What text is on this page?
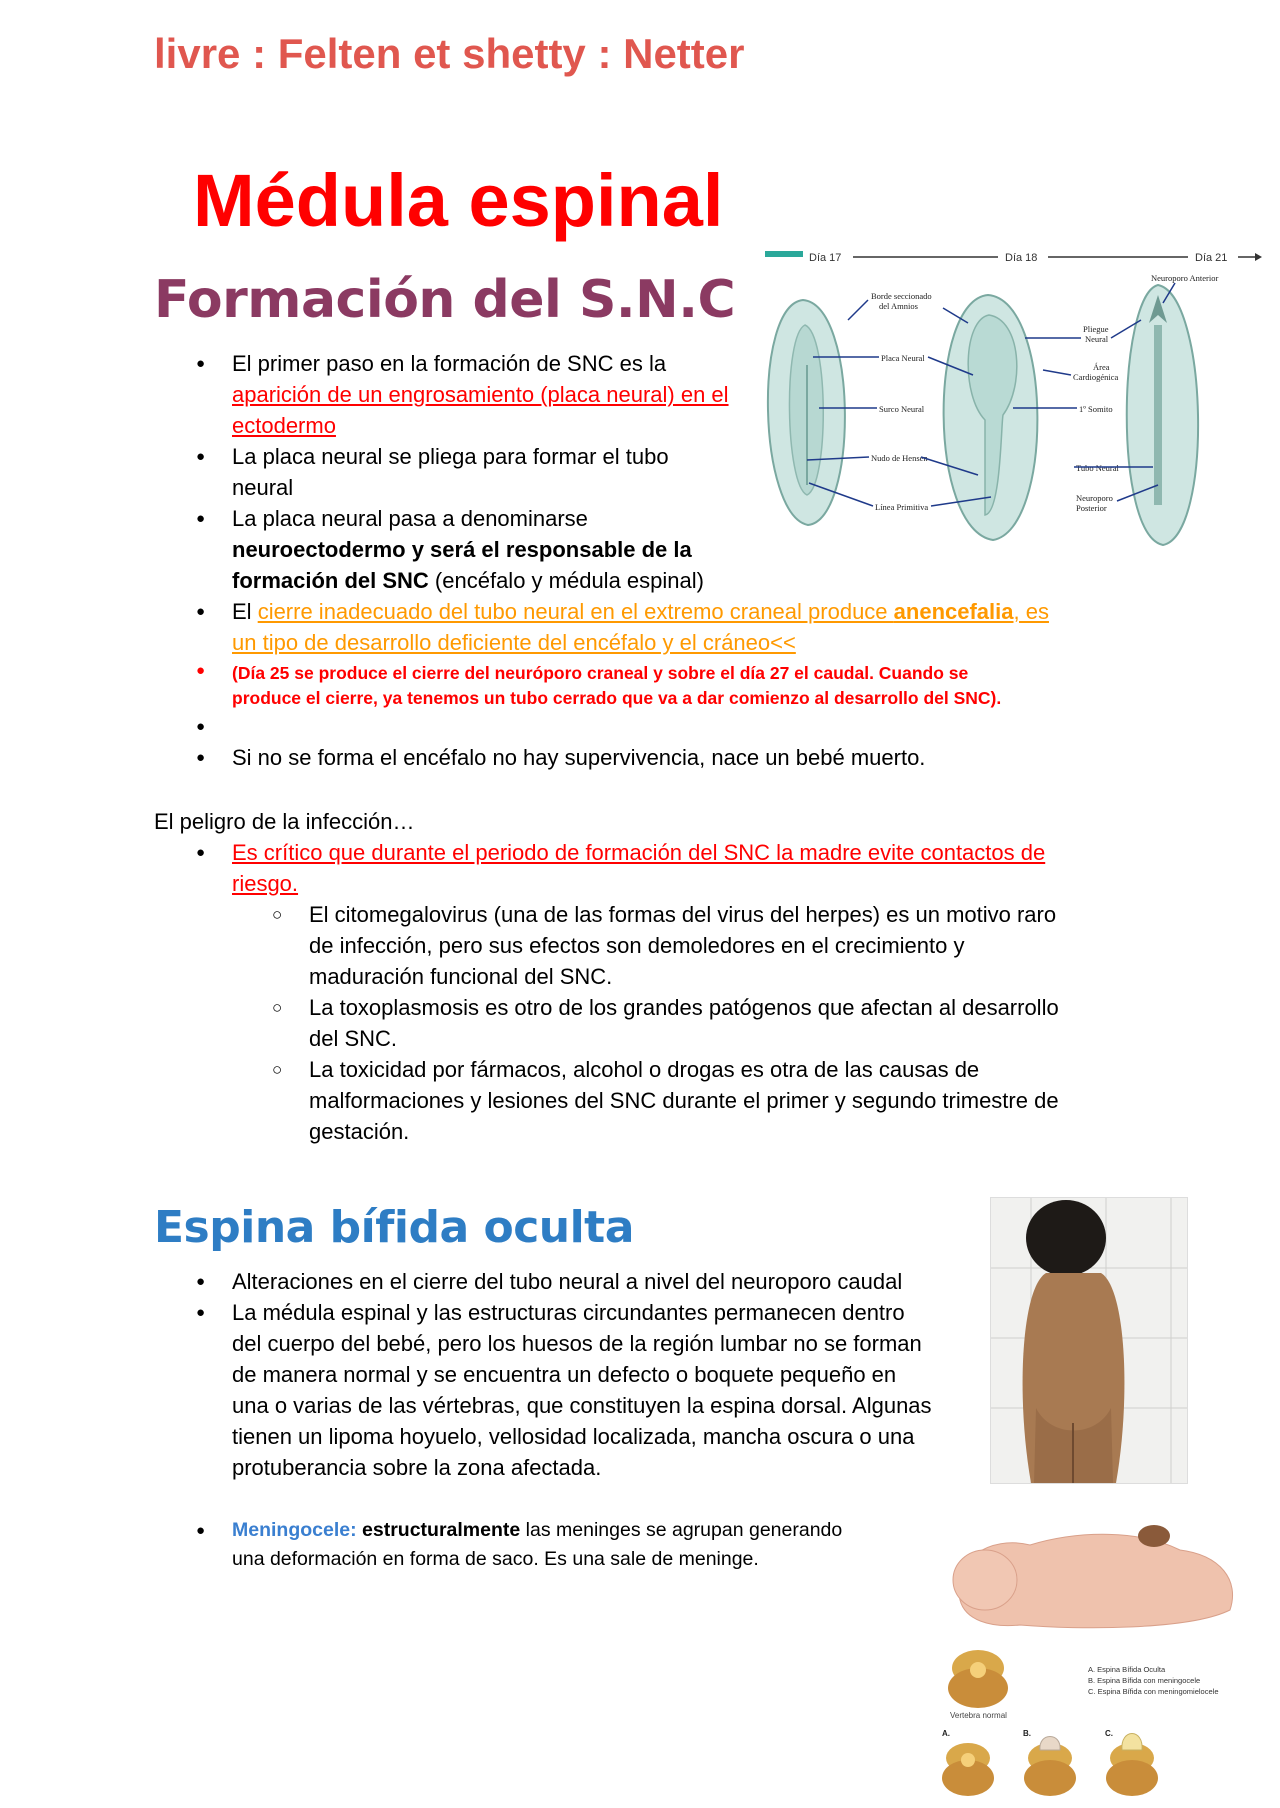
livre : Felten et shetty : Netter
Médula espinal
Formación del S.N.C
● El primer paso en la formación de SNC es la
aparición de un engrosamiento (placa neural) en el
ectodermo
● La placa neural se pliega para formar el tubo
neural
● La placa neural pasa a denominarse
neuroectodermo y será el responsable de la
formación del SNC (encéfalo y médula espinal)
● El cierre inadecuado del tubo neural en el extremo craneal produce anencefalia, es
un tipo de desarrollo deficiente del encéfalo y el cráneo<<
● (Día 25 se produce el cierre del neuróporo craneal y sobre el día 27 el caudal. Cuando se
produce el cierre, ya tenemos un tubo cerrado que va a dar comienzo al desarrollo del SNC).
●
● Si no se forma el encéfalo no hay supervivencia, nace un bebé muerto.
El peligro de la infección…
● Es crítico que durante el periodo de formación del SNC la madre evite contactos de
riesgo.
○ El citomegalovirus (una de las formas del virus del herpes) es un motivo raro
de infección, pero sus efectos son demoledores en el crecimiento y
maduración funcional del SNC.
○ La toxoplasmosis es otro de los grandes patógenos que afectan al desarrollo
del SNC.
○ La toxicidad por fármacos, alcohol o drogas es otra de las causas de
malformaciones y lesiones del SNC durante el primer y segundo trimestre de
gestación.
Espina bífida oculta
● Alteraciones en el cierre del tubo neural a nivel del neuroporo caudal
● La médula espinal y las estructuras circundantes permanecen dentro
del cuerpo del bebé, pero los huesos de la región lumbar no se forman
de manera normal y se encuentra un defecto o boquete pequeño en
una o varias de las vértebras, que constituyen la espina dorsal. Algunas
tienen un lipoma hoyuelo, vellosidad localizada, mancha oscura o una
protuberancia sobre la zona afectada.
● Meningocele: estructuralmente las meninges se agrupan generando
una deformación en forma de saco. Es una sale de meninge.
Día 17	Día 18	Día 21
Borde seccionado
del Amnios
Placa Neural
Surco Neural
Nudo de Hensen
Línea Primitiva
Pliegue
Neural
Área
Cardiogénica
1º Somito
Tubo Neural
Neuroporo
Posterior
Neuroporo Anterior
Vertebra normal
A. Espina Bífida Oculta
B. Espina Bífida con meningocele
C. Espina Bífida con meningomielocele
A.	B.	C.
